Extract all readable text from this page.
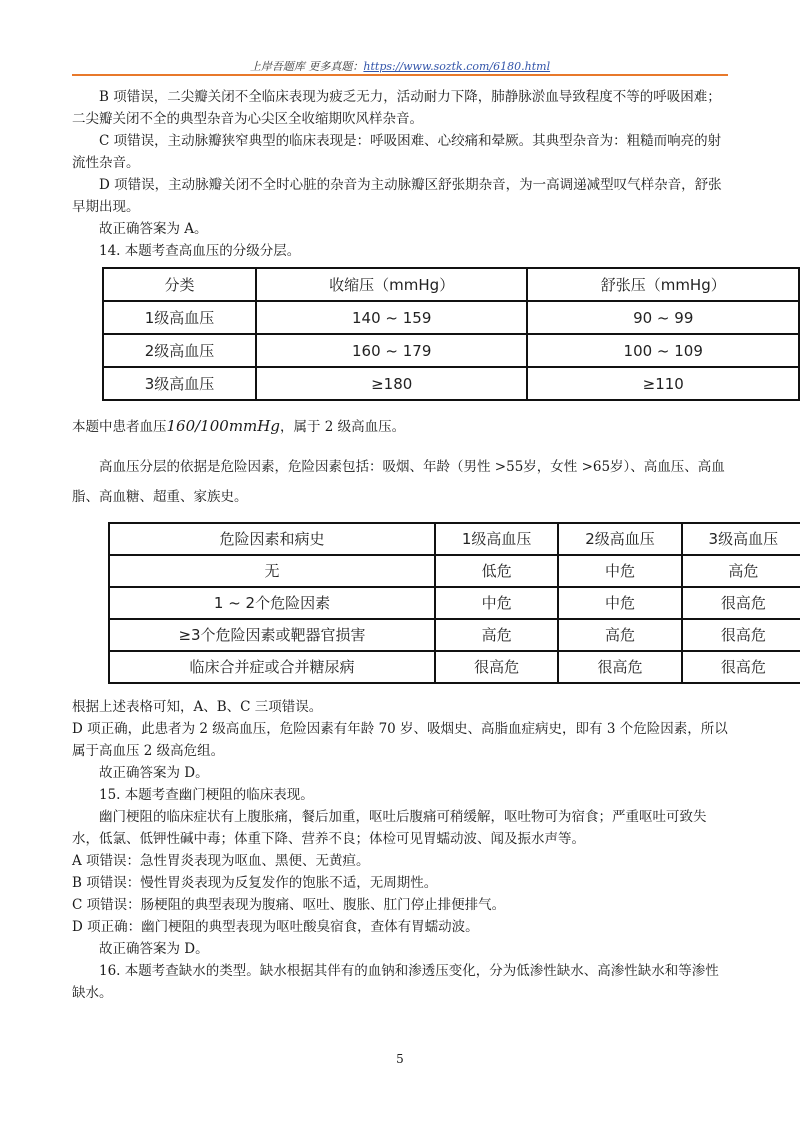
上岸吾题库 更多真题：https://www.soztk.com/6180.html

B 项错误，二尖瓣关闭不全临床表现为疲乏无力，活动耐力下降，肺静脉淤血导致程度不等的呼吸困难；二尖瓣关闭不全的典型杂音为心尖区全收缩期吹风样杂音。

C 项错误，主动脉瓣狭窄典型的临床表现是：呼吸困难、心绞痛和晕厥。其典型杂音为：粗糙而响亮的射流性杂音。

D 项错误，主动脉瓣关闭不全时心脏的杂音为主动脉瓣区舒张期杂音，为一高调递减型叹气样杂音，舒张早期出现。

故正确答案为 A。

14. 本题考查高血压的分级分层。

分类	收缩压（mmHg）	舒张压（mmHg）
1级高血压	140 ~ 159	90 ~ 99
2级高血压	160 ~ 179	100 ~ 109
3级高血压	≥180	≥110

本题中患者血压160/100mmHg，属于 2 级高血压。

高血压分层的依据是危险因素，危险因素包括：吸烟、年龄（男性 >55岁，女性 >65岁）、高血压、高血脂、高血糖、超重、家族史。

危险因素和病史	1级高血压	2级高血压	3级高血压
无	低危	中危	高危
1 ~ 2个危险因素	中危	中危	很高危
≥3个危险因素或靶器官损害	高危	高危	很高危
临床合并症或合并糖尿病	很高危	很高危	很高危

根据上述表格可知，A、B、C 三项错误。

D 项正确，此患者为 2 级高血压，危险因素有年龄 70 岁、吸烟史、高脂血症病史，即有 3 个危险因素，所以属于高血压 2 级高危组。

故正确答案为 D。

15. 本题考查幽门梗阻的临床表现。

幽门梗阻的临床症状有上腹胀痛，餐后加重，呕吐后腹痛可稍缓解，呕吐物可为宿食；严重呕吐可致失水，低氯、低钾性碱中毒；体重下降、营养不良；体检可见胃蠕动波、闻及振水声等。

A 项错误：急性胃炎表现为呕血、黑便、无黄疸。

B 项错误：慢性胃炎表现为反复发作的饱胀不适，无周期性。

C 项错误：肠梗阻的典型表现为腹痛、呕吐、腹胀、肛门停止排便排气。

D 项正确：幽门梗阻的典型表现为呕吐酸臭宿食，查体有胃蠕动波。

故正确答案为 D。

16. 本题考查缺水的类型。缺水根据其伴有的血钠和渗透压变化，分为低渗性缺水、高渗性缺水和等渗性缺水。

5
